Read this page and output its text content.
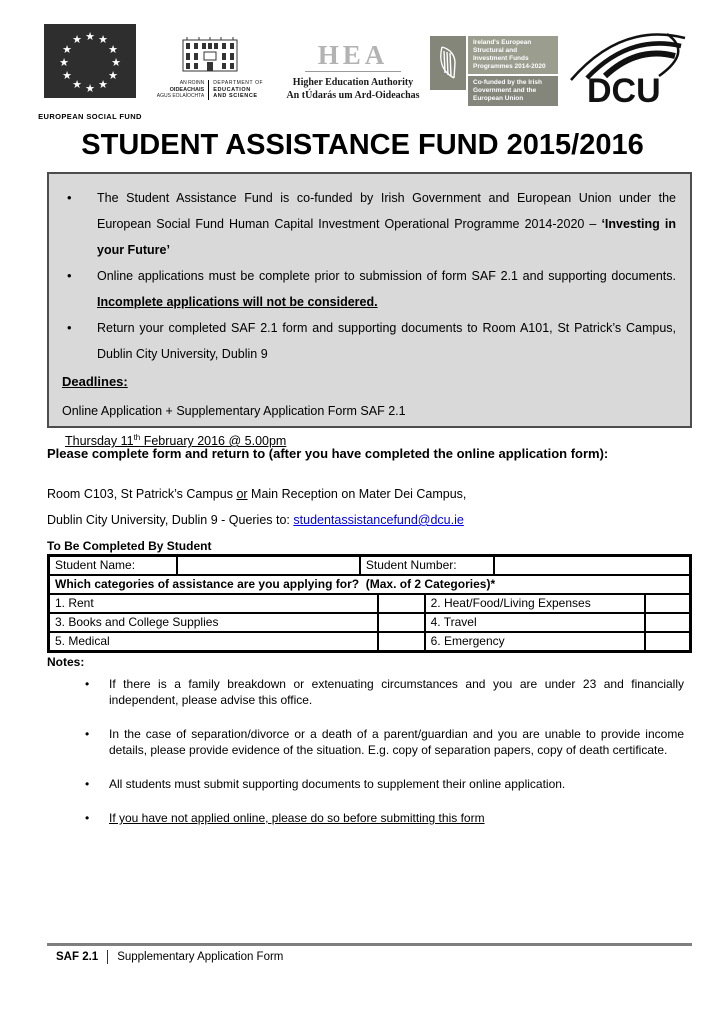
★ ★
★
★
★
★
★
★
★
★
★
★
EUROPEAN SOCIAL FUND
AN ROINN
OIDEACHAIS
AGUS EOLAÍOCHTA
DEPARTMENT OF
EDUCATION
AND SCIENCE
HEA
Higher Education Authority
An tÚdarás um Ard-Oideachas
Ireland's European Structural and Investment Funds Programmes 2014-2020
Co-funded by the Irish Government and the European Union	DCU
STUDENT ASSISTANCE FUND 2015/2016
• The Student Assistance Fund is co-funded by Irish Government and European Union under the European Social Fund Human Capital Investment Operational Programme 2014-2020 – ‘Investing in your Future’
• Online applications must be complete prior to submission of form SAF 2.1 and supporting documents. Incomplete applications will not be considered.
• Return your completed SAF 2.1 form and supporting documents to Room A101, St Patrick’s Campus, Dublin City University, Dublin 9
Deadlines:
Online Application + Supplementary Application Form SAF 2.1
Thursday 11th February 2016 @ 5.00pm
Please complete form and return to (after you have completed the online application form):
Room C103, St Patrick’s Campus or Main Reception on Mater Dei Campus,
Dublin City University, Dublin 9 - Queries to: studentassistancefund@dcu.ie
To Be Completed By Student
Student Name:	Student Number:
Which categories of assistance are you applying for?  (Max. of 2 Categories)*
1. Rent	2. Heat/Food/Living Expenses
3. Books and College Supplies	4. Travel
5. Medical	6. Emergency
Notes:
• If there is a family breakdown or extenuating circumstances and you are under 23 and financially independent, please advise this office.
• In the case of separation/divorce or a death of a parent/guardian and you are unable to provide income details, please provide evidence of the situation. E.g. copy of separation papers, copy of death certificate.
• All students must submit supporting documents to supplement their online application.
• If you have not applied online, please do so before submitting this form
SAF 2.1 Supplementary Application Form
